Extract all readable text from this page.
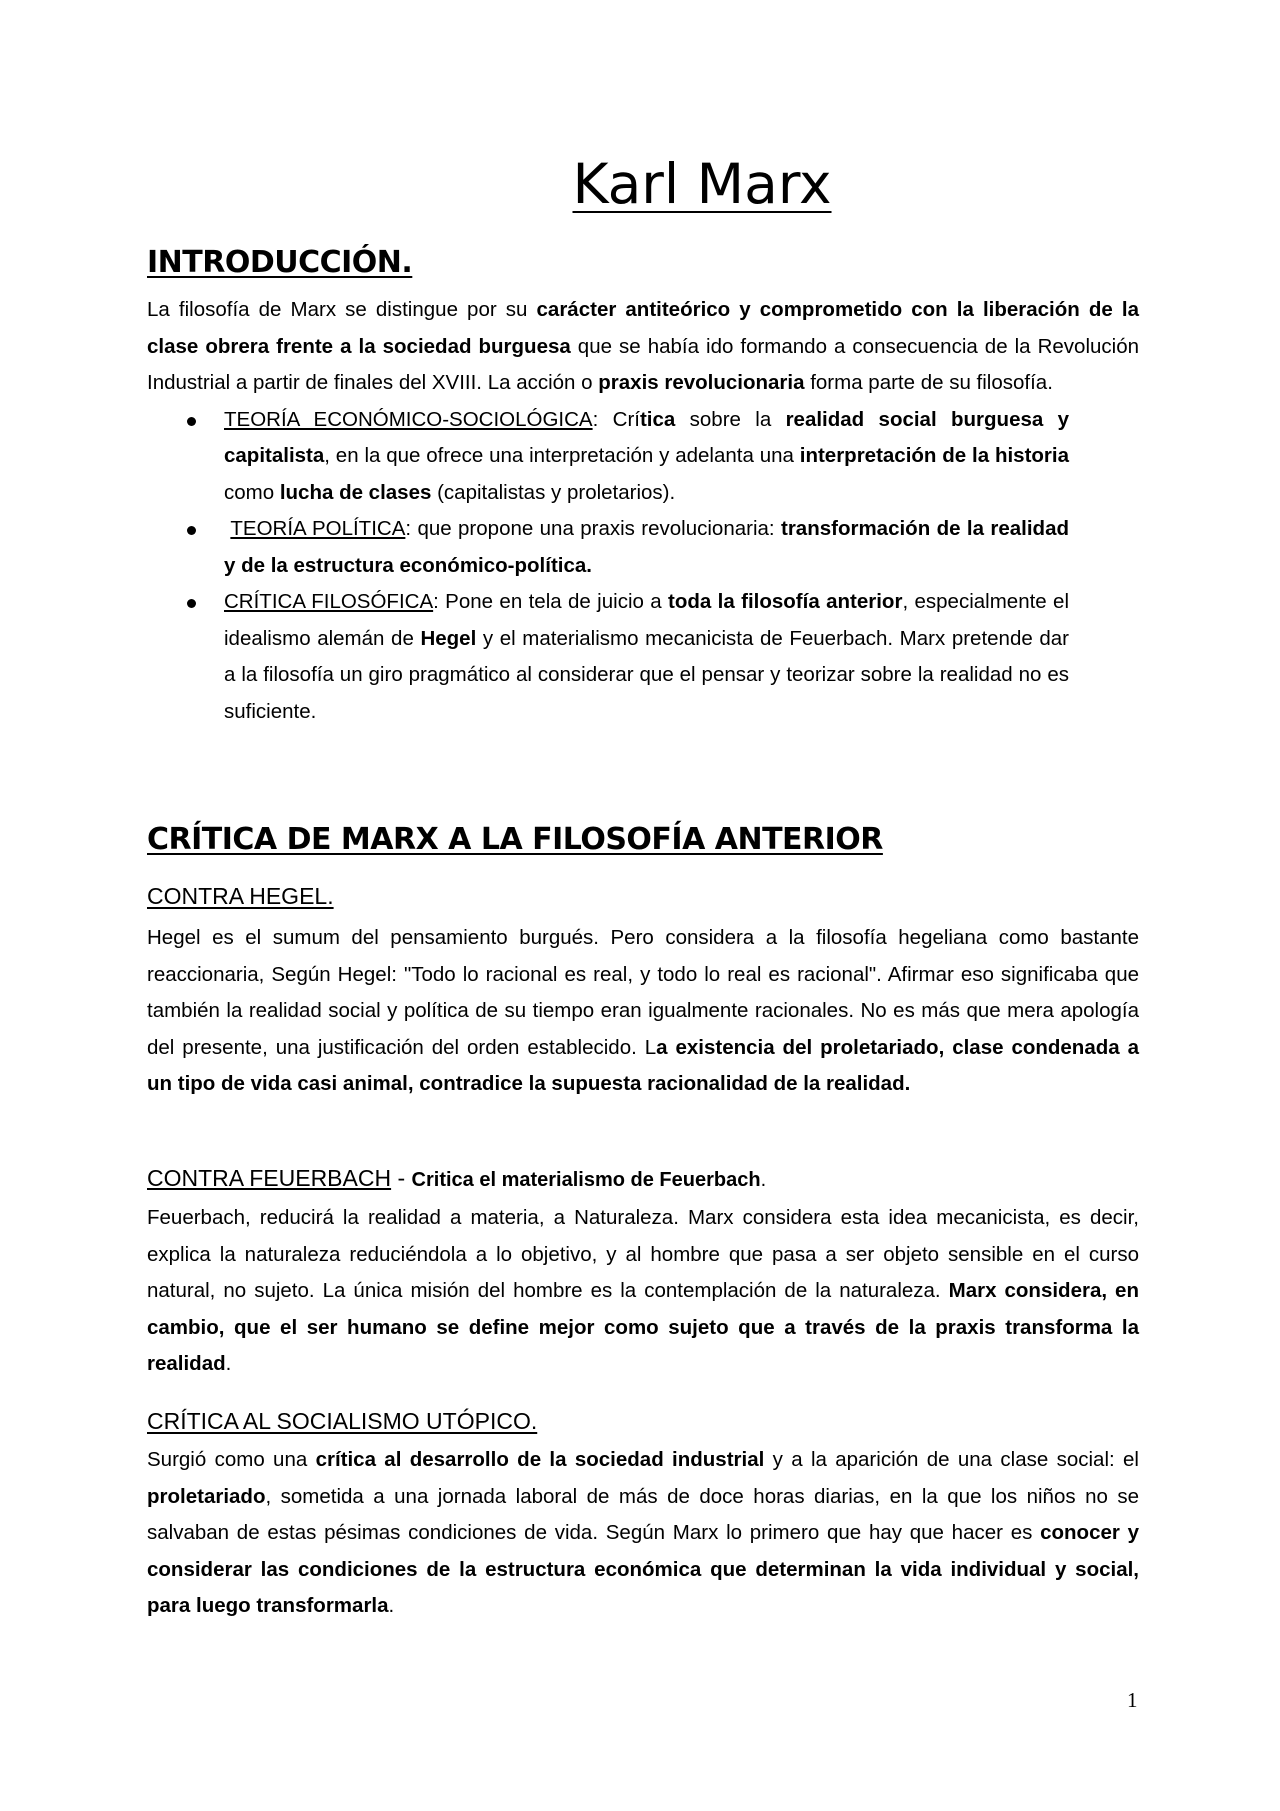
Karl Marx
INTRODUCCIÓN.

La filosofía de Marx se distingue por su carácter antiteórico y comprometido con la liberación de la clase obrera frente a la sociedad burguesa que se había ido formando a consecuencia de la Revolución Industrial a partir de finales del XVIII. La acción o praxis revolucionaria forma parte de su filosofía.

TEORÍA ECONÓMICO-SOCIOLÓGICA: Crítica sobre la realidad social burguesa y capitalista, en la que ofrece una interpretación y adelanta una interpretación de la historia como lucha de clases (capitalistas y proletarios).

TEORÍA POLÍTICA: que propone una praxis revolucionaria: transformación de la realidad y de la estructura económico-política.

CRÍTICA FILOSÓFICA: Pone en tela de juicio a toda la filosofía anterior, especialmente el idealismo alemán de Hegel y el materialismo mecanicista de Feuerbach. Marx pretende dar a la filosofía un giro pragmático al considerar que el pensar y teorizar sobre la realidad no es suficiente.

CRÍTICA DE MARX A LA FILOSOFÍA ANTERIOR
CONTRA HEGEL.

Hegel es el sumum del pensamiento burgués. Pero considera a la filosofía hegeliana como bastante reaccionaria, Según Hegel: "Todo lo racional es real, y todo lo real es racional". Afirmar eso significaba que también la realidad social y política de su tiempo eran igualmente racionales. No es más que mera apología del presente, una justificación del orden establecido. La existencia del proletariado, clase condenada a un tipo de vida casi animal, contradice la supuesta racionalidad de la realidad.

CONTRA FEUERBACH - Critica el materialismo de Feuerbach.

Feuerbach, reducirá la realidad a materia, a Naturaleza. Marx considera esta idea mecanicista, es decir, explica la naturaleza reduciéndola a lo objetivo, y al hombre que pasa a ser objeto sensible en el curso natural, no sujeto. La única misión del hombre es la contemplación de la naturaleza. Marx considera, en cambio, que el ser humano se define mejor como sujeto que a través de la praxis transforma la realidad.

CRÍTICA AL SOCIALISMO UTÓPICO.

Surgió como una crítica al desarrollo de la sociedad industrial y a la aparición de una clase social: el proletariado, sometida a una jornada laboral de más de doce horas diarias, en la que los niños no se salvaban de estas pésimas condiciones de vida. Según Marx lo primero que hay que hacer es conocer y considerar las condiciones de la estructura económica que determinan la vida individual y social, para luego transformarla.

1
